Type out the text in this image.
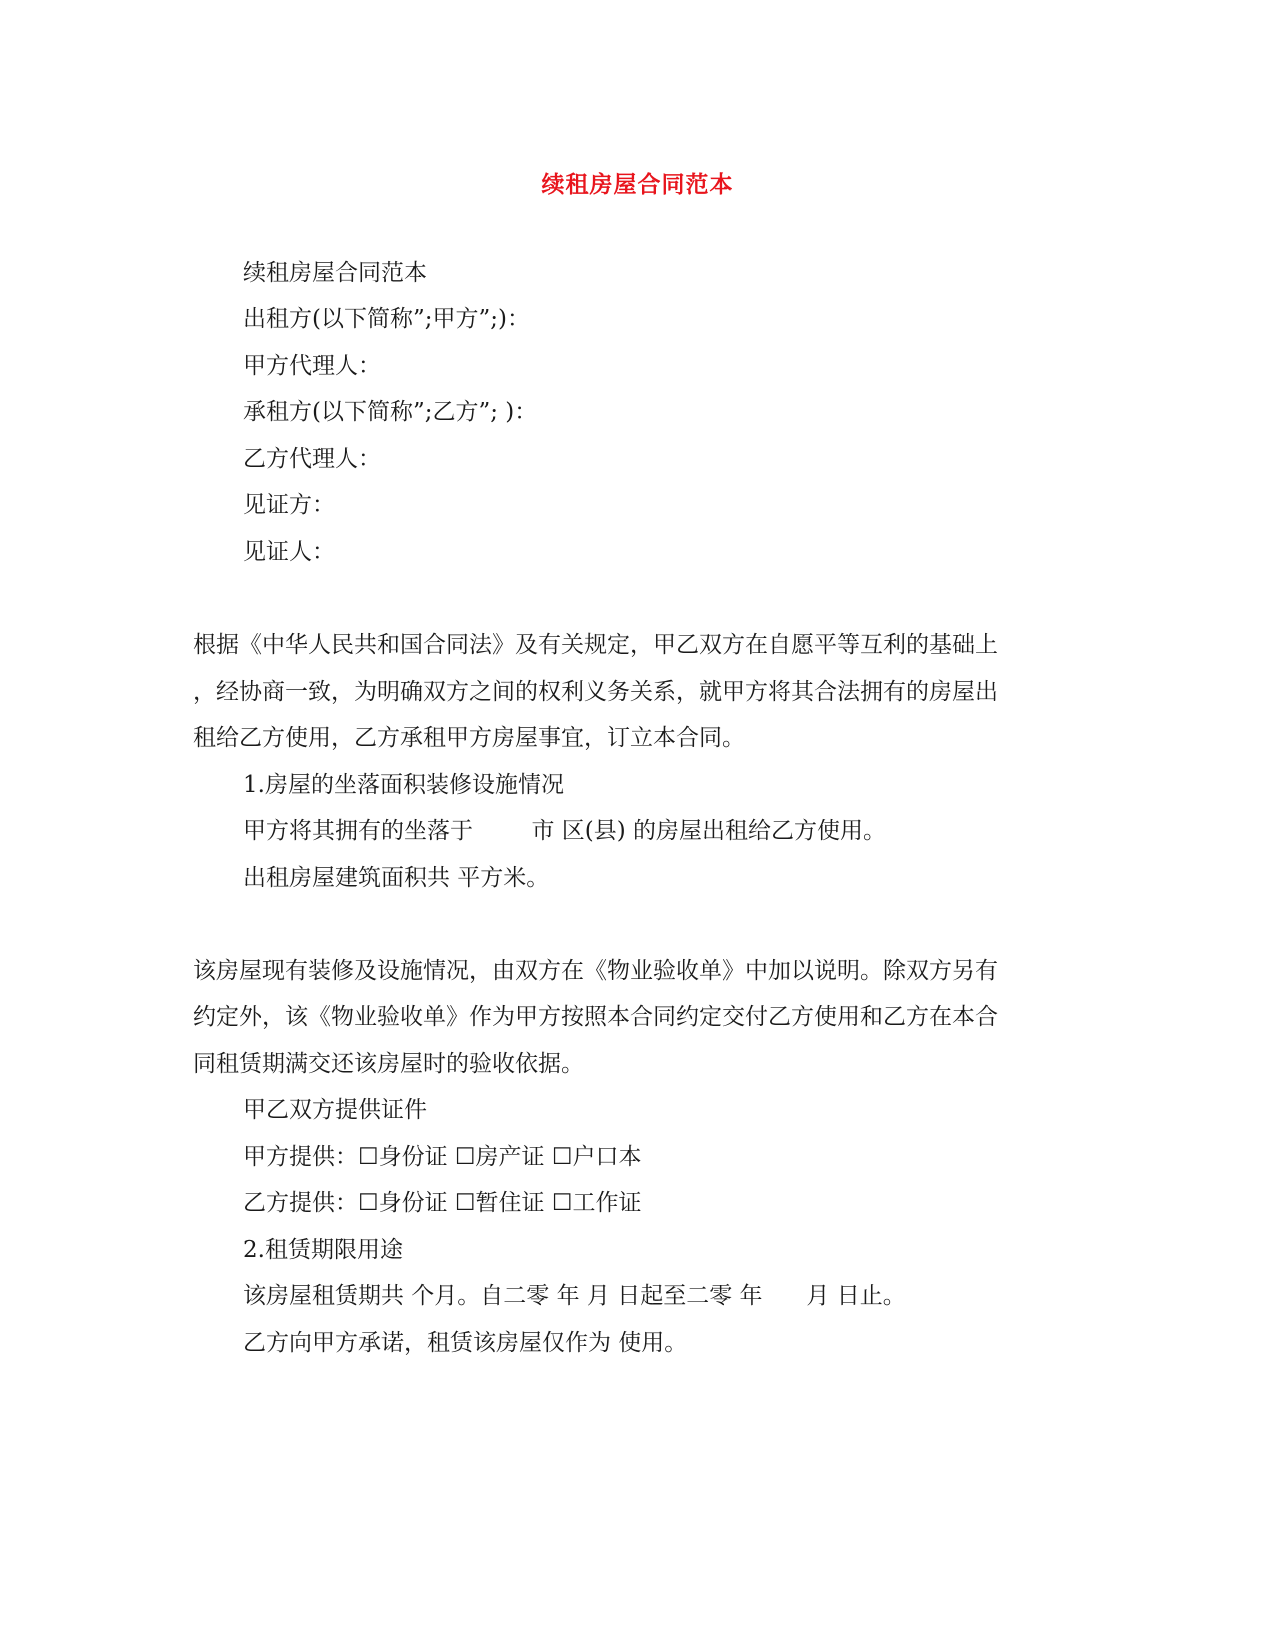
续租房屋合同范本
续租房屋合同范本
出租方(以下简称”;甲方”;)：
甲方代理人：
承租方(以下简称”;乙方”; )：
乙方代理人：
见证方：
见证人：
根据《中华人民共和国合同法》及有关规定，甲乙双方在自愿平等互利的基础上
，经协商一致，为明确双方之间的权利义务关系，就甲方将其合法拥有的房屋出
租给乙方使用，乙方承租甲方房屋事宜，订立本合同。
1.房屋的坐落面积装修设施情况
甲方将其拥有的坐落于        市 区(县) 的房屋出租给乙方使用。
出租房屋建筑面积共 平方米。
该房屋现有装修及设施情况，由双方在《物业验收单》中加以说明。除双方另有
约定外，该《物业验收单》作为甲方按照本合同约定交付乙方使用和乙方在本合
同租赁期满交还该房屋时的验收依据。
甲乙双方提供证件
甲方提供：☐身份证 ☐房产证 ☐户口本
乙方提供：☐身份证 ☐暂住证 ☐工作证
2.租赁期限用途
该房屋租赁期共 个月。自二零 年 月 日起至二零 年      月 日止。
乙方向甲方承诺，租赁该房屋仅作为 使用。
